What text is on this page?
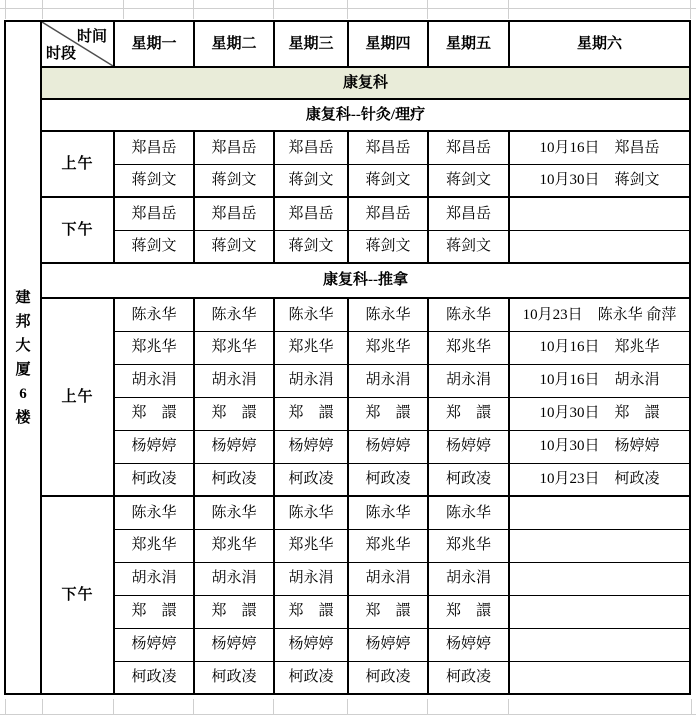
建邦大厦6楼	时间
时段	星期一	星期二	星期三	星期四	星期五	星期六
	康复科						
	康复科--针灸/理疗						
	上午	郑昌岳	郑昌岳	郑昌岳	郑昌岳	郑昌岳	10月16日　郑昌岳
		蒋剑文	蒋剑文	蒋剑文	蒋剑文	蒋剑文	10月30日　蒋剑文
	下午	郑昌岳	郑昌岳	郑昌岳	郑昌岳	郑昌岳	
		蒋剑文	蒋剑文	蒋剑文	蒋剑文	蒋剑文	
	康复科--推拿						
	上午	陈永华	陈永华	陈永华	陈永华	陈永华	10月23日　陈永华 俞萍
		郑兆华	郑兆华	郑兆华	郑兆华	郑兆华	10月16日　郑兆华
		胡永涓	胡永涓	胡永涓	胡永涓	胡永涓	10月16日　胡永涓
		郑　譞	郑　譞	郑　譞	郑　譞	郑　譞	10月30日　郑　譞
		杨婷婷	杨婷婷	杨婷婷	杨婷婷	杨婷婷	10月30日　杨婷婷
		柯政凌	柯政凌	柯政凌	柯政凌	柯政凌	10月23日　柯政凌
	下午	陈永华	陈永华	陈永华	陈永华	陈永华	
		郑兆华	郑兆华	郑兆华	郑兆华	郑兆华	
		胡永涓	胡永涓	胡永涓	胡永涓	胡永涓	
		郑　譞	郑　譞	郑　譞	郑　譞	郑　譞	
		杨婷婷	杨婷婷	杨婷婷	杨婷婷	杨婷婷	
		柯政凌	柯政凌	柯政凌	柯政凌	柯政凌	
